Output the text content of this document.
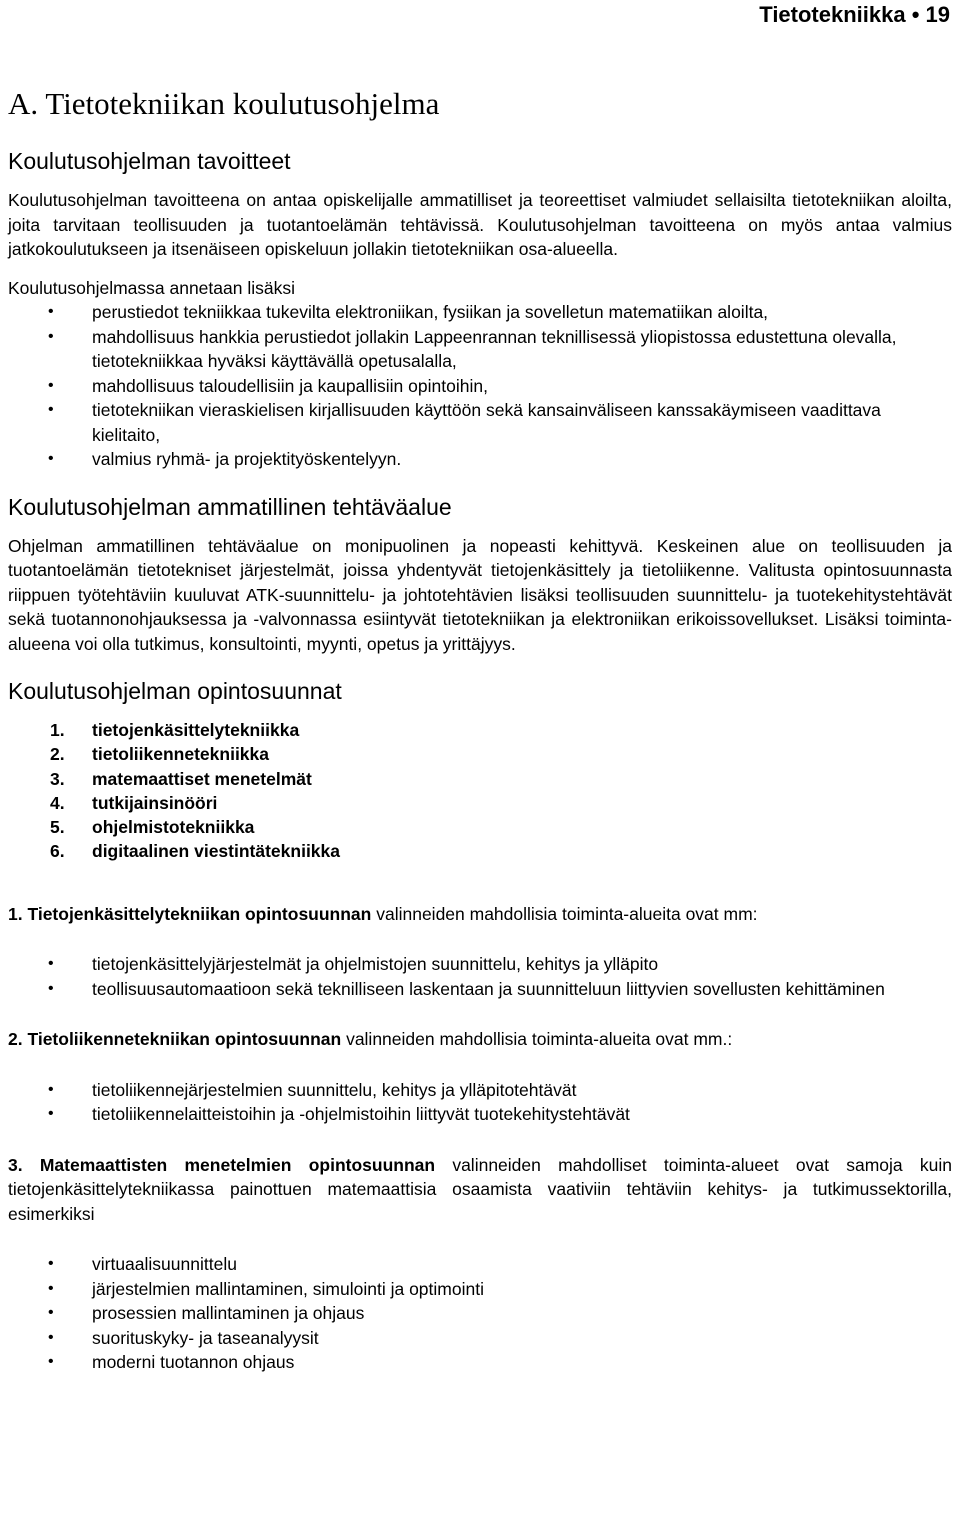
Tietotekniikka • 19
A. Tietotekniikan koulutusohjelma
Koulutusohjelman tavoitteet

Koulutusohjelman tavoitteena on antaa opiskelijalle ammatilliset ja teoreettiset valmiudet sellaisilta tietotekniikan aloilta, joita tarvitaan teollisuuden ja tuotantoelämän tehtävissä. Koulutusohjelman tavoitteena on myös antaa valmius jatkokoulutukseen ja itsenäiseen opiskeluun jollakin tietotekniikan osa-alueella.

Koulutusohjelmassa annetaan lisäksi

• perustiedot tekniikkaa tukevilta elektroniikan, fysiikan ja sovelletun matematiikan aloilta,
• mahdollisuus hankkia perustiedot jollakin Lappeenrannan teknillisessä yliopistossa edustettuna olevalla, tietotekniikkaa hyväksi käyttävällä opetusalalla,
• mahdollisuus taloudellisiin ja kaupallisiin opintoihin,
• tietotekniikan vieraskielisen kirjallisuuden käyttöön sekä kansainväliseen kanssakäymiseen vaadittava kielitaito,
• valmius ryhmä- ja projektityöskentelyyn.
Koulutusohjelman ammatillinen tehtäväalue

Ohjelman ammatillinen tehtäväalue on monipuolinen ja nopeasti kehittyvä. Keskeinen alue on teollisuuden ja tuotantoelämän tietotekniset järjestelmät, joissa yhdentyvät tietojenkäsittely ja tietoliikenne. Valitusta opintosuunnasta riippuen työtehtäviin kuuluvat ATK-suunnittelu- ja johtotehtävien lisäksi teollisuuden suunnittelu- ja tuotekehitystehtävät sekä tuotannonohjauksessa ja -valvonnassa esiintyvät tietotekniikan ja elektroniikan erikoissovellukset. Lisäksi toiminta-alueena voi olla tutkimus, konsultointi, myynti, opetus ja yrittäjyys.

Koulutusohjelman opintosuunnat
1. tietojenkäsittelytekniikka
2. tietoliikennetekniikka
3. matemaattiset menetelmät
4. tutkijainsinööri
5. ohjelmistotekniikka
6. digitaalinen viestintätekniikka

1. Tietojenkäsittelytekniikan opintosuunnan valinneiden mahdollisia toiminta-alueita ovat mm:

• tietojenkäsittelyjärjestelmät ja ohjelmistojen suunnittelu, kehitys ja ylläpito
• teollisuusautomaatioon sekä teknilliseen laskentaan ja suunnitteluun liittyvien sovellusten kehittäminen

2. Tietoliikennetekniikan opintosuunnan valinneiden mahdollisia toiminta-alueita ovat mm.:

• tietoliikennejärjestelmien suunnittelu, kehitys ja ylläpitotehtävät
• tietoliikennelaitteistoihin ja -ohjelmistoihin liittyvät tuotekehitystehtävät

3. Matemaattisten menetelmien opintosuunnan valinneiden mahdolliset toiminta-alueet ovat samoja kuin tietojenkäsittelytekniikassa painottuen matemaattisia osaamista vaativiin tehtäviin kehitys- ja tutkimussektorilla, esimerkiksi

• virtuaalisuunnittelu
• järjestelmien mallintaminen, simulointi ja optimointi
• prosessien mallintaminen ja ohjaus
• suorituskyky- ja taseanalyysit
• moderni tuotannon ohjaus
